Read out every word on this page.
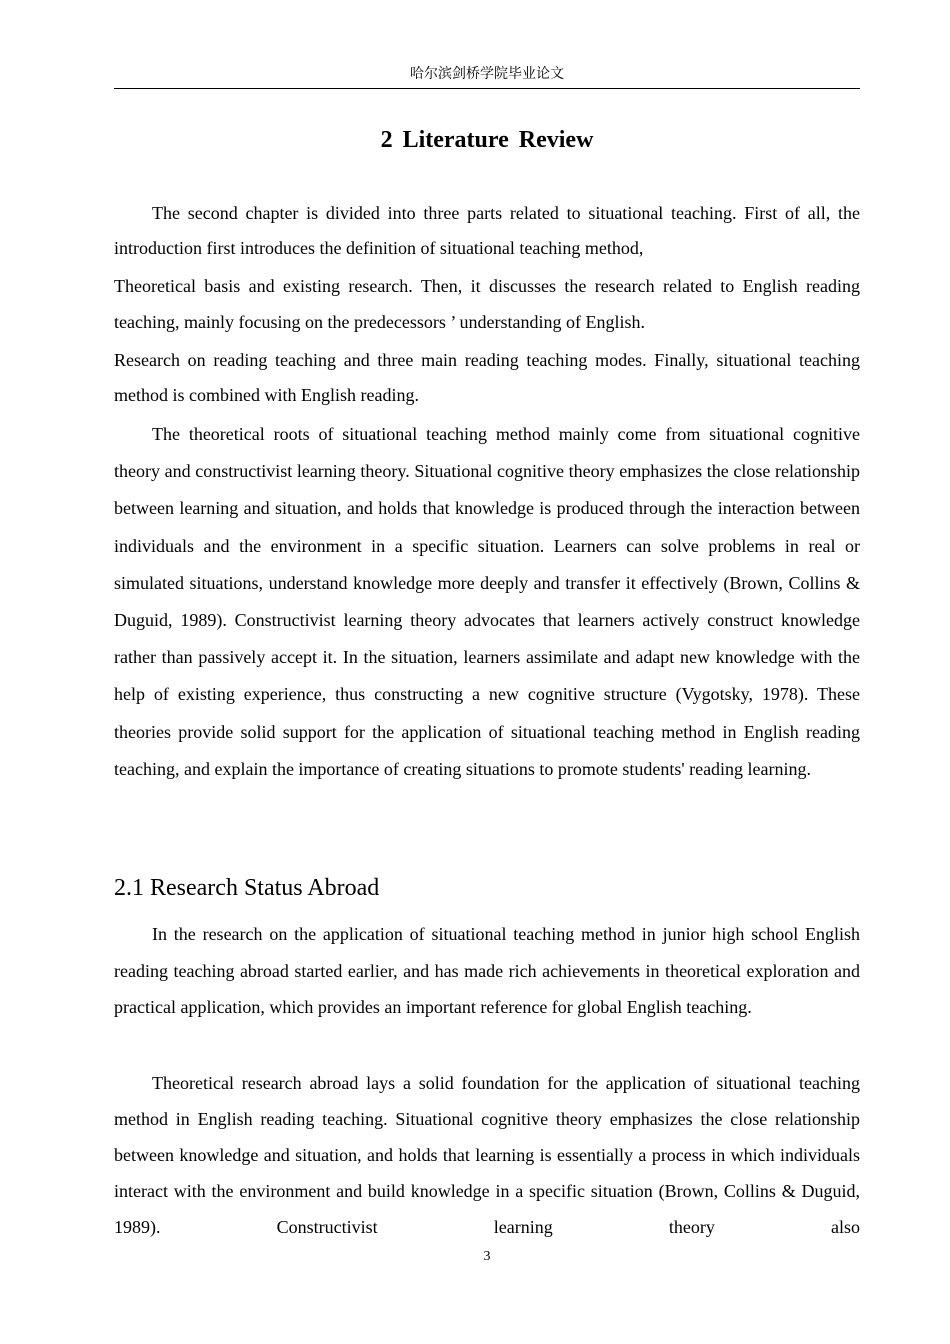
哈尔滨剑桥学院毕业论文
2 Literature Review

The second chapter is divided into three parts related to situational teaching. First of all, the introduction first introduces the definition of situational teaching method,

Theoretical basis and existing research. Then, it discusses the research related to English reading teaching, mainly focusing on the predecessors ’ understanding of English.

Research on reading teaching and three main reading teaching modes. Finally, situational teaching method is combined with English reading.

The theoretical roots of situational teaching method mainly come from situational cognitive theory and constructivist learning theory. Situational cognitive theory emphasizes the close relationship between learning and situation, and holds that knowledge is produced through the interaction between individuals and the environment in a specific situation. Learners can solve problems in real or simulated situations, understand knowledge more deeply and transfer it effectively (Brown, Collins & Duguid, 1989). Constructivist learning theory advocates that learners actively construct knowledge rather than passively accept it. In the situation, learners assimilate and adapt new knowledge with the help of existing experience, thus constructing a new cognitive structure (Vygotsky, 1978). These theories provide solid support for the application of situational teaching method in English reading teaching, and explain the importance of creating situations to promote students' reading learning.

2.1 Research Status Abroad

In the research on the application of situational teaching method in junior high school English reading teaching abroad started earlier, and has made rich achievements in theoretical exploration and practical application, which provides an important reference for global English teaching.

Theoretical research abroad lays a solid foundation for the application of situational teaching method in English reading teaching. Situational cognitive theory emphasizes the close relationship between knowledge and situation, and holds that learning is essentially a process in which individuals interact with the environment and build knowledge in a specific situation (Brown, Collins & Duguid, 1989). Constructivist learning theory also

3
